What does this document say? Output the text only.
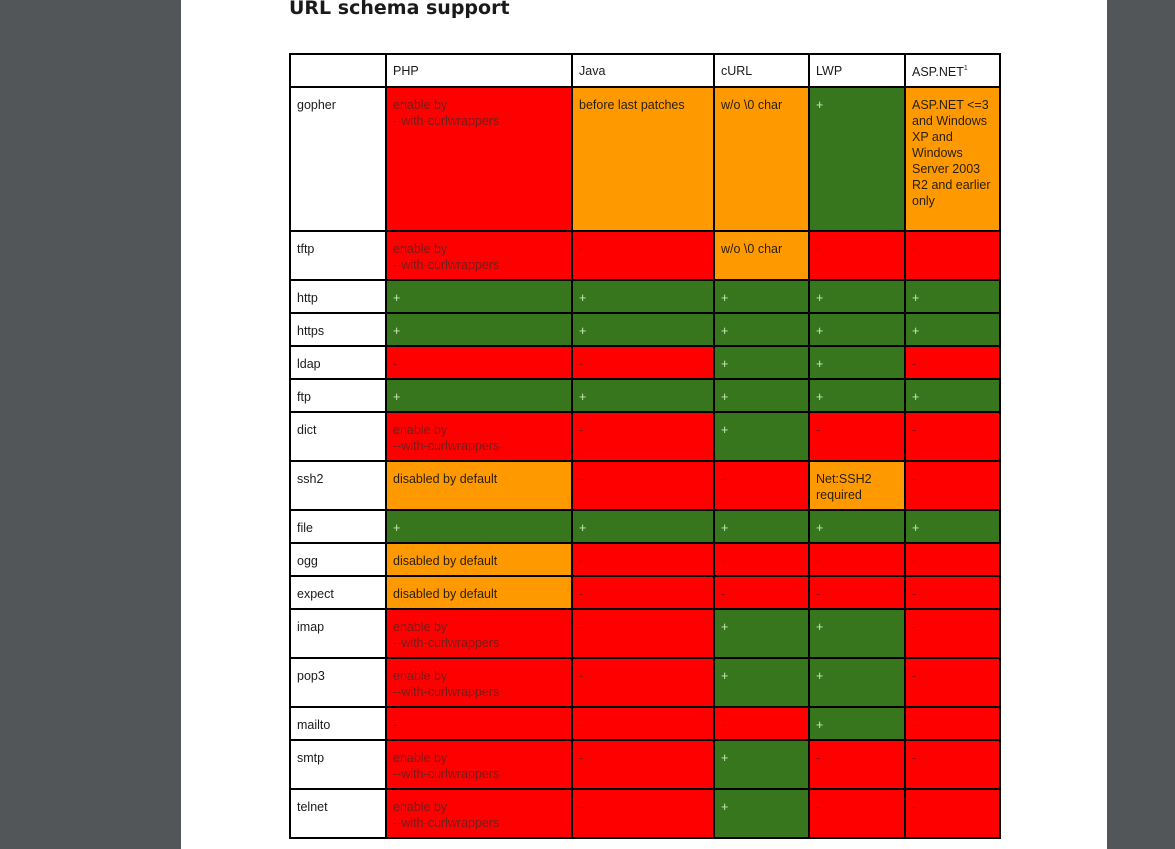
URL schema support
	PHP	Java	cURL	LWP	ASP.NET$^1$
gopher	enable by
--with-curlwrappers	before last patches	w/o \0 char	+	ASP.NET <=3 and Windows XP and Windows Server 2003 R2 and earlier only
tftp	enable by
--with-curlwrappers	-	w/o \0 char	-	-
http	+	+	+	+	+
https	+	+	+	+	+
ldap	-	-	+	+	-
ftp	+	+	+	+	+
dict	enable by
--with-curlwrappers	-	+	-	-
ssh2	disabled by default	-	-	Net:SSH2 required	-
file	+	+	+	+	+
ogg	disabled by default	-	-	-	-
expect	disabled by default	-	-	-	-
imap	enable by
--with-curlwrappers	-	+	+	-
pop3	enable by
--with-curlwrappers	-	+	+	-
mailto	-	-	-	+	-
smtp	enable by
--with-curlwrappers	-	+	-	-
telnet	enable by
--with-curlwrappers	-	+	-	-
